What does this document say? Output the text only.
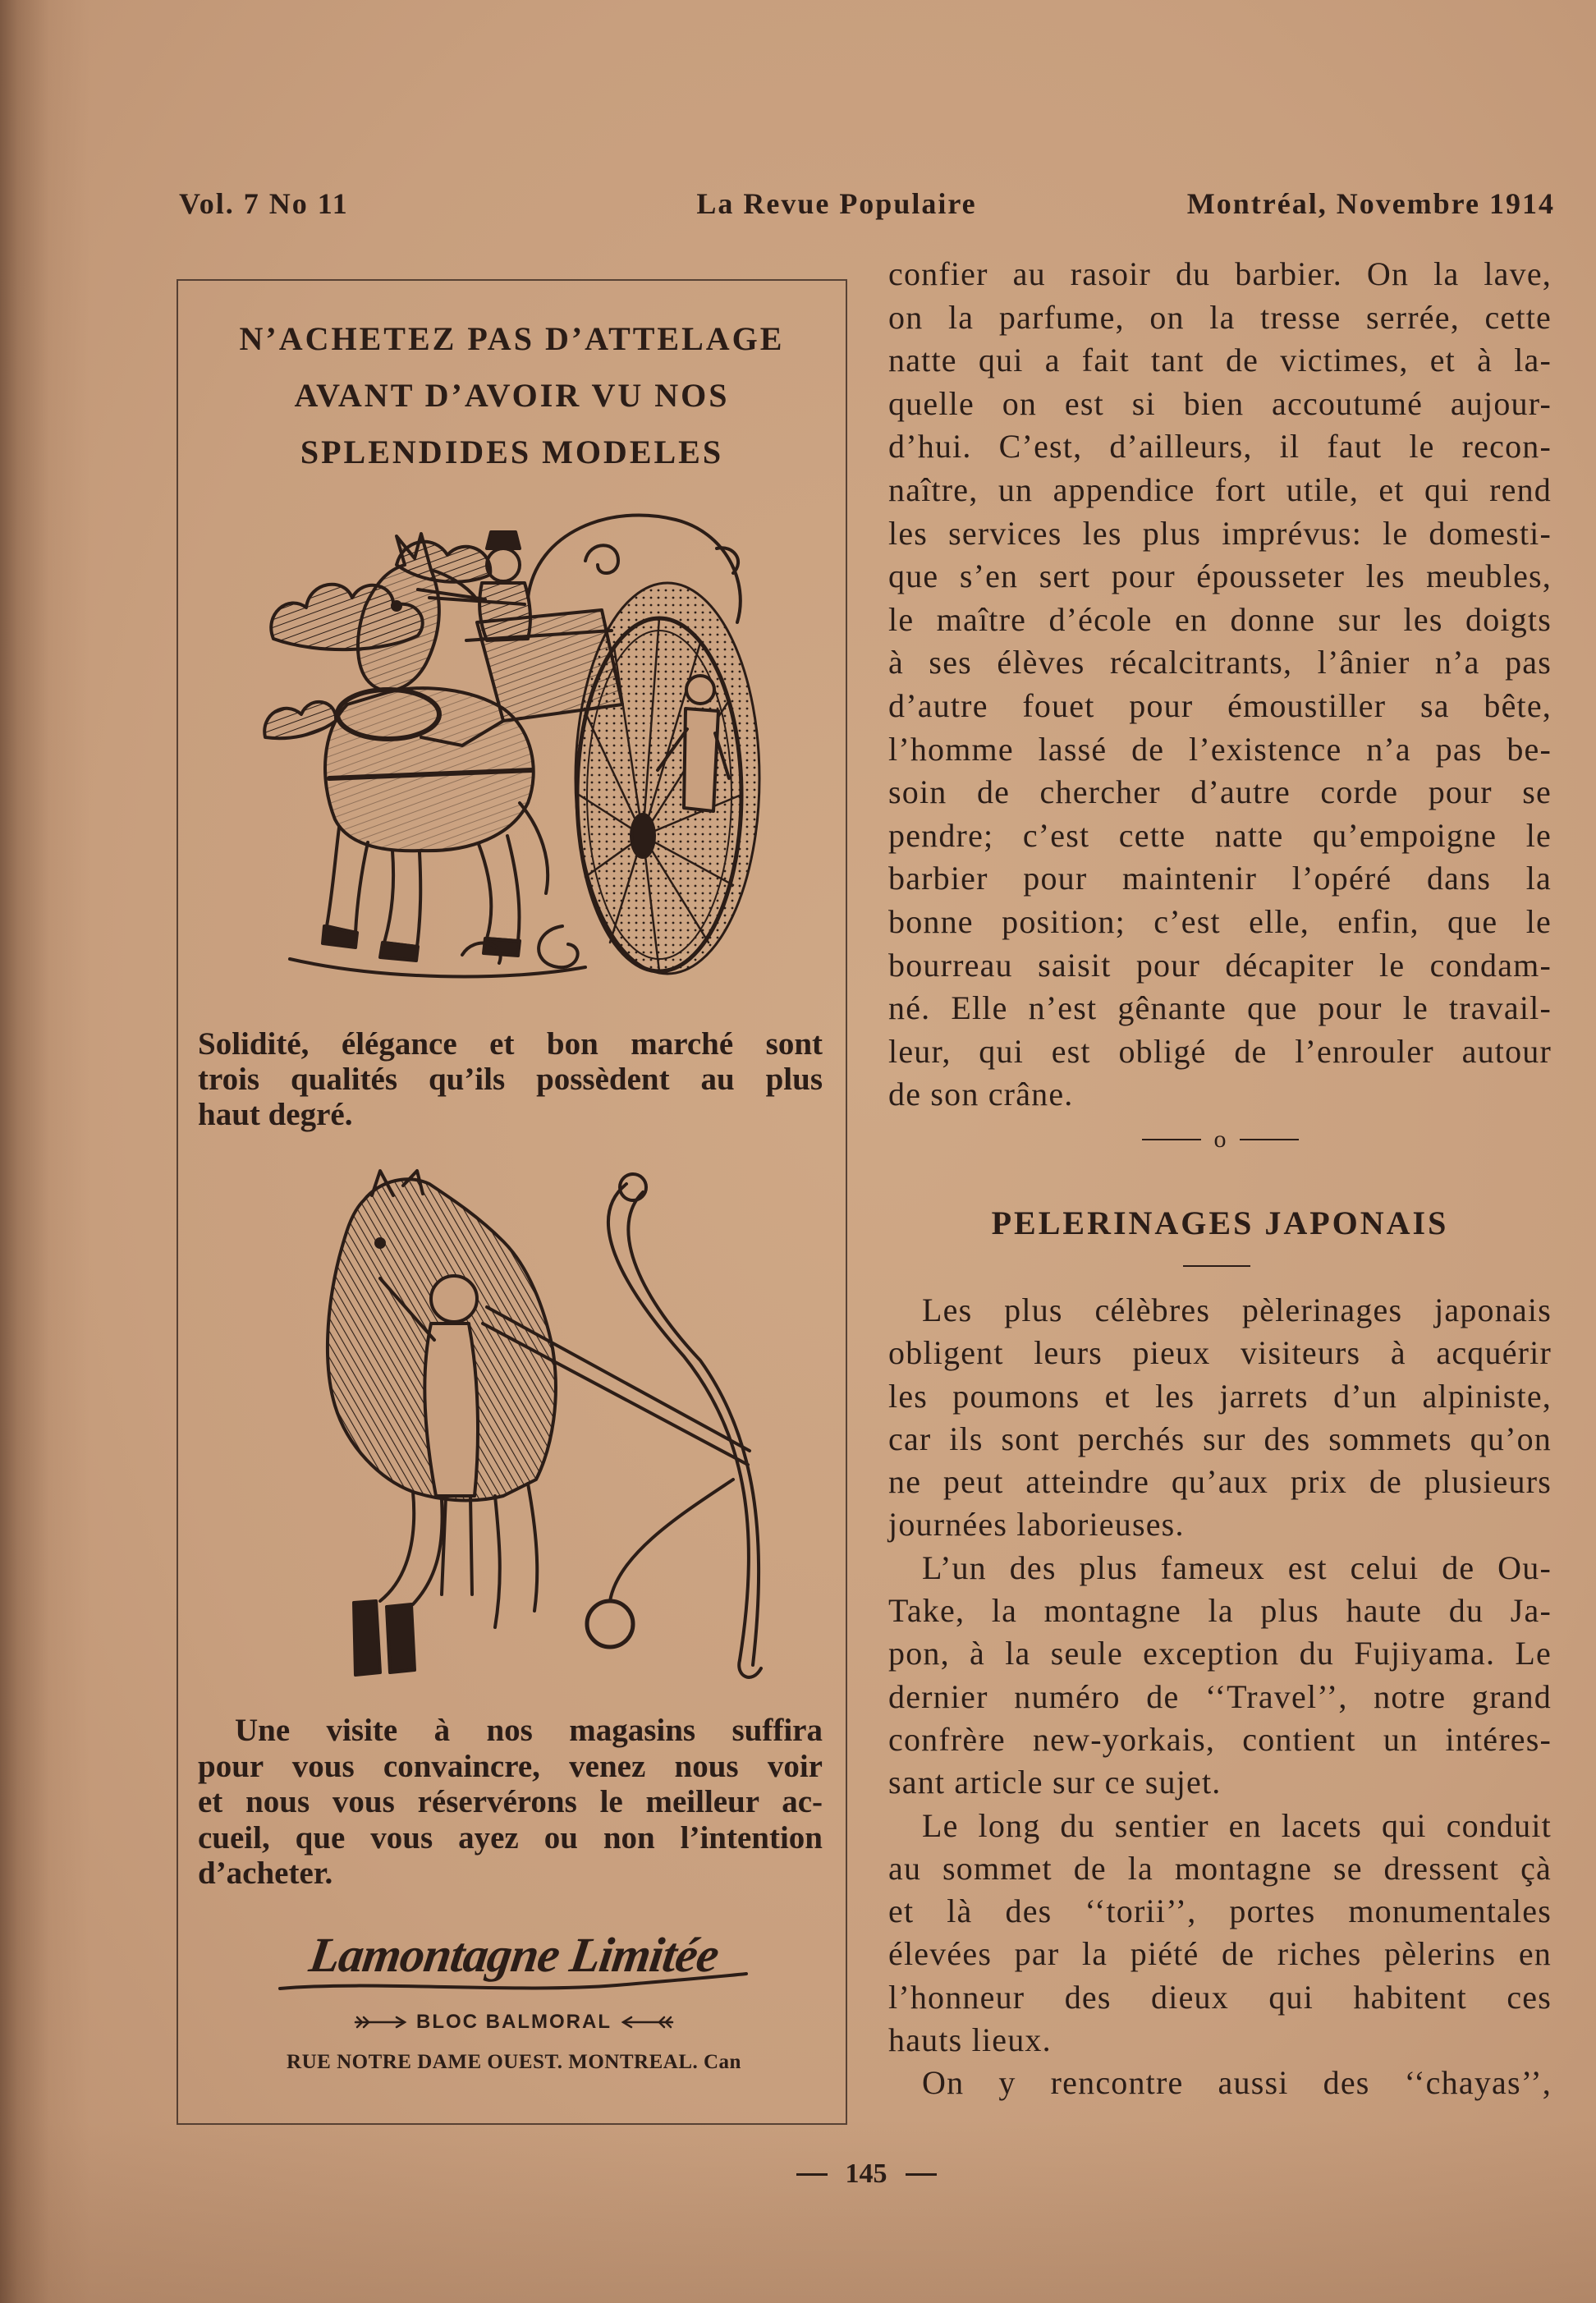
Vol. 7 No 11	La Revue Populaire	Montréal, Novembre 1914
N’ACHETEZ PAS D’ATTELAGE
AVANT D’AVOIR VU NOS
SPLENDIDES MODELES
Solidité, élégance et bon marché sont
trois qualités qu’ils possèdent au plus
haut degré.
Une visite à nos magasins suffira
pour vous convaincre, venez nous voir
et nous vous réservérons le meilleur ac-
cueil, que vous ayez ou non l’intention
d’acheter.
Lamontagne Limitée
BLOC BALMORAL
RUE NOTRE DAME OUEST. MONTREAL. Can
confier au rasoir du barbier. On la lave,
on la parfume, on la tresse serrée, cette
natte qui a fait tant de victimes, et à la-
quelle on est si bien accoutumé aujour-
d’hui. C’est, d’ailleurs, il faut le recon-
naître, un appendice fort utile, et qui rend
les services les plus imprévus: le domesti-
que s’en sert pour épousseter les meubles,
le maître d’école en donne sur les doigts
à ses élèves récalcitrants, l’ânier n’a pas
d’autre fouet pour émoustiller sa bête,
l’homme lassé de l’existence n’a pas be-
soin de chercher d’autre corde pour se
pendre; c’est cette natte qu’empoigne le
barbier pour maintenir l’opéré dans la
bonne position; c’est elle, enfin, que le
bourreau saisit pour décapiter le condam-
né. Elle n’est gênante que pour le travail-
leur, qui est obligé de l’enrouler autour
de son crâne.
o
PELERINAGES JAPONAIS
Les plus célèbres pèlerinages japonais
obligent leurs pieux visiteurs à acquérir
les poumons et les jarrets d’un alpiniste,
car ils sont perchés sur des sommets qu’on
ne peut atteindre qu’aux prix de plusieurs
journées laborieuses.
L’un des plus fameux est celui de Ou-
Take, la montagne la plus haute du Ja-
pon, à la seule exception du Fujiyama. Le
dernier numéro de ‘‘Travel’’, notre grand
confrère new-yorkais, contient un intéres-
sant article sur ce sujet.
Le long du sentier en lacets qui conduit
au sommet de la montagne se dressent çà
et là des ‘‘torii’’, portes monumentales
élevées par la piété de riches pèlerins en
l’honneur des dieux qui habitent ces
hauts lieux.
On y rencontre aussi des ‘‘chayas’’,
145
